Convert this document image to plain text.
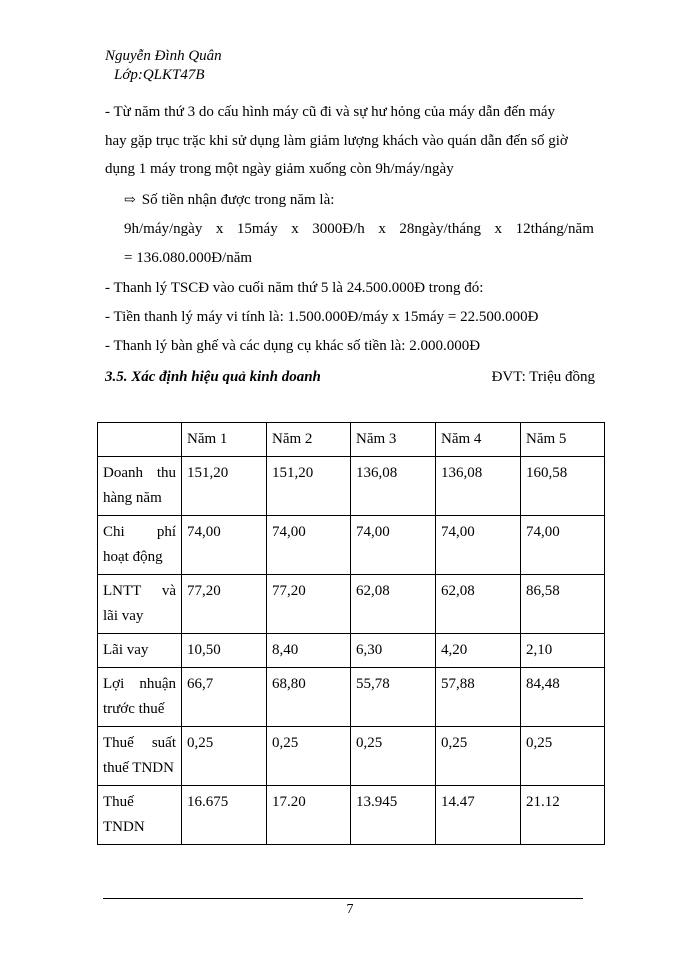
Nguyễn Đình Quân
Lớp:QLKT47B
- Từ năm thứ 3 do cấu hình máy cũ đi và sự hư hỏng của máy dẫn đến máy
hay gặp trục trặc khi sử dụng làm giảm lượng khách vào quán dẫn đến số giờ
dụng 1 máy trong một ngày giảm xuống còn 9h/máy/ngày
⇨ Số tiền nhận được trong năm là:
9h/máy/ngày x 15máy x 3000Đ/h x 28ngày/tháng x 12tháng/năm
= 136.080.000Đ/năm
- Thanh lý TSCĐ vào cuối năm thứ 5 là 24.500.000Đ trong đó:
- Tiền thanh lý máy vi tính là: 1.500.000Đ/máy x 15máy = 22.500.000Đ
- Thanh lý bàn ghế và các dụng cụ khác số tiền là: 2.000.000Đ
3.5. Xác định hiệu quả kinh doanh	ĐVT: Triệu đồng
	Năm 1	Năm 2	Năm 3	Năm 4	Năm 5
Doanh thu hàng năm	151,20	151,20	136,08	136,08	160,58
Chi phí hoạt động	74,00	74,00	74,00	74,00	74,00
LNTT và lãi vay	77,20	77,20	62,08	62,08	86,58
Lãi vay	10,50	8,40	6,30	4,20	2,10
Lợi nhuận trước thuế	66,7	68,80	55,78	57,88	84,48
Thuế suất thuế TNDN	0,25	0,25	0,25	0,25	0,25
Thuế TNDN	16.675	17.20	13.945	14.47	21.12
7
